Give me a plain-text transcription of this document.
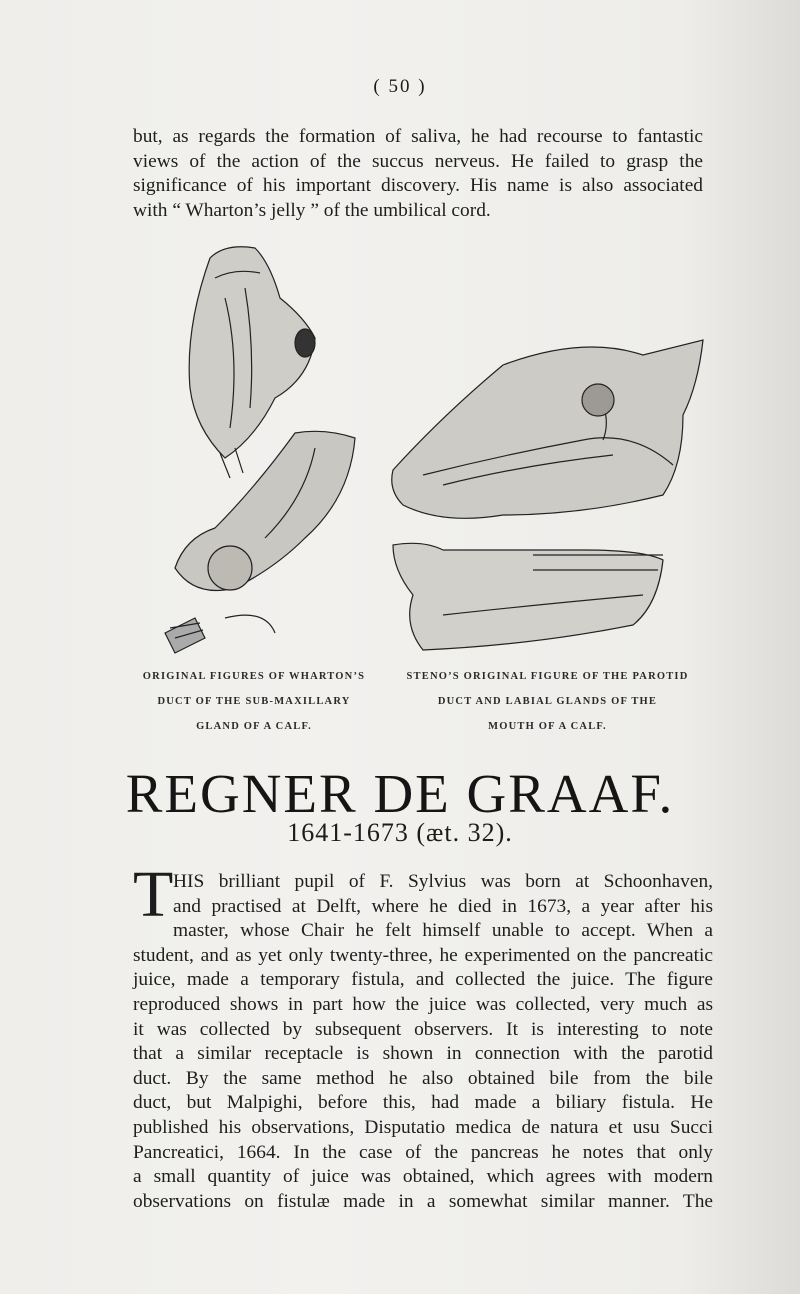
( 50 )
but, as regards the formation of saliva, he had recourse to fantastic
views of the action of the succus nerveus. He failed to grasp the
significance of his important discovery. His name is also associated
with “ Wharton’s jelly ” of the umbilical cord.
ORIGINAL FIGURES OF WHARTON’S
DUCT OF THE SUB-MAXILLARY
GLAND OF A CALF.
STENO’S ORIGINAL FIGURE OF THE PAROTID
DUCT AND LABIAL GLANDS OF THE
MOUTH OF A CALF.
REGNER DE GRAAF.
1641-1673 (æt. 32).
T HIS brilliant pupil of F. Sylvius was born at Schoonhaven,
and practised at Delft, where he died in 1673, a year after his
master, whose Chair he felt himself unable to accept. When a
student, and as yet only twenty-three, he experimented on the pancreatic
juice, made a temporary fistula, and collected the juice. The figure
reproduced shows in part how the juice was collected, very much as
it was collected by subsequent observers. It is interesting to note
that a similar receptacle is shown in connection with the parotid
duct. By the same method he also obtained bile from the bile
duct, but Malpighi, before this, had made a biliary fistula. He
published his observations, Disputatio medica de natura et usu Succi
Pancreatici, 1664. In the case of the pancreas he notes that only
a small quantity of juice was obtained, which agrees with modern
observations on fistulæ made in a somewhat similar manner. The
